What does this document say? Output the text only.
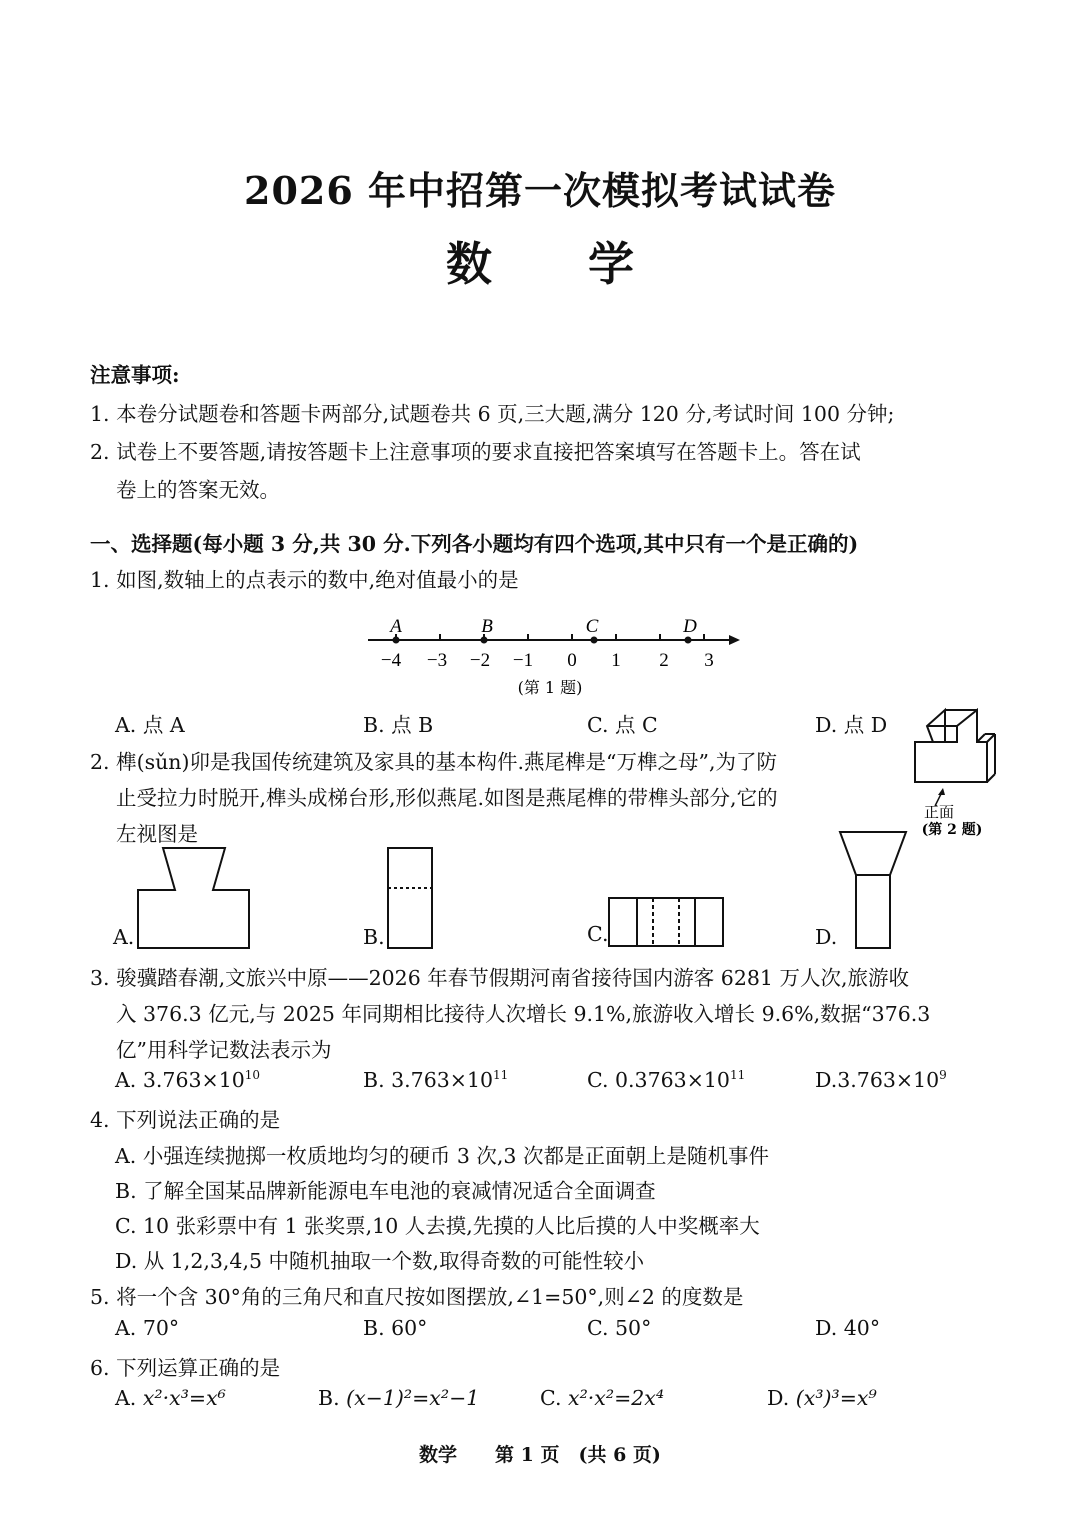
2026 年中招第一次模拟考试试卷
数 学
注意事项:
1. 本卷分试题卷和答题卡两部分,试题卷共 6 页,三大题,满分 120 分,考试时间 100 分钟;
2. 试卷上不要答题,请按答题卡上注意事项的要求直接把答案填写在答题卡上。答在试
卷上的答案无效。
一、选择题(每小题 3 分,共 30 分.下列各小题均有四个选项,其中只有一个是正确的)
1. 如图,数轴上的点表示的数中,绝对值最小的是
A	B	C	D
−4 −3 −2 −1 0 1 2 3
(第 1 题)
A. 点 A	B. 点 B	C. 点 C	D. 点 D
2. 榫(sǔn)卯是我国传统建筑及家具的基本构件.燕尾榫是“万榫之母”,为了防
止受拉力时脱开,榫头成梯台形,形似燕尾.如图是燕尾榫的带榫头部分,它的
左视图是
正面
(第 2 题)
A.	B.	C.	D.
3. 骏骥踏春潮,文旅兴中原——2026 年春节假期河南省接待国内游客 6281 万人次,旅游收
入 376.3 亿元,与 2025 年同期相比接待人次增长 9.1%,旅游收入增长 9.6%,数据“376.3
亿”用科学记数法表示为
A. $3.763\times 10^{10}$	B. $3.763\times 10^{11}$	C. $0.3763\times 10^{11}$	$D.3.763\times 10^9$
4. 下列说法正确的是
A. 小强连续抛掷一枚质地均匀的硬币 3 次,3 次都是正面朝上是随机事件
B. 了解全国某品牌新能源电车电池的衰减情况适合全面调查
C. 10 张彩票中有 1 张奖票,10 人去摸,先摸的人比后摸的人中奖概率大
D. 从 1,2,3,4,5 中随机抽取一个数,取得奇数的可能性较小
5. 将一个含 30°角的三角尺和直尺按如图摆放,∠1=50°,则∠2 的度数是
A. 70°	B. 60°	C. 50°	D. 40°
6. 下列运算正确的是
A. x²·x³=x⁶	B. (x−1)²=x²−1	C. x²·x²=2x⁴	D. (x³)³=x⁹
数学　　第 1 页　(共 6 页)
